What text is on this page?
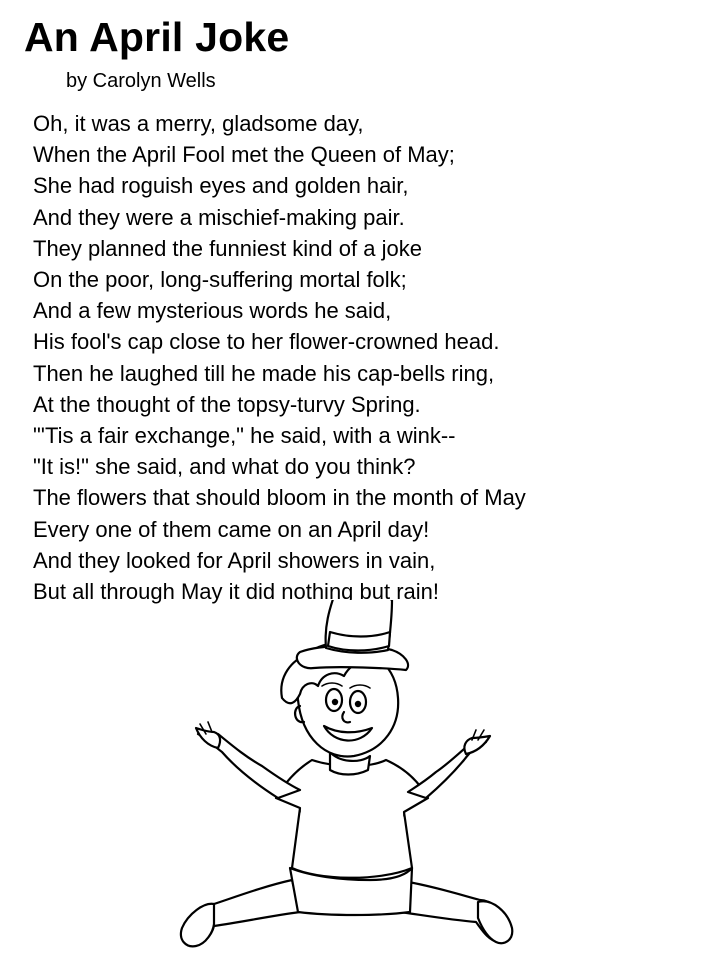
An April Joke
by Carolyn Wells
Oh, it was a merry, gladsome day,
When the April Fool met the Queen of May;
She had roguish eyes and golden hair,
And they were a mischief-making pair.
They planned the funniest kind of a joke
On the poor, long-suffering mortal folk;
And a few mysterious words he said,
His fool's cap close to her flower-crowned head.
Then he laughed till he made his cap-bells ring,
At the thought of the topsy-turvy Spring.
"'Tis a fair exchange," he said, with a wink--
"It is!" she said, and what do you think?
The flowers that should bloom in the month of May
Every one of them came on an April day!
And they looked for April showers in vain,
But all through May it did nothing but rain!
